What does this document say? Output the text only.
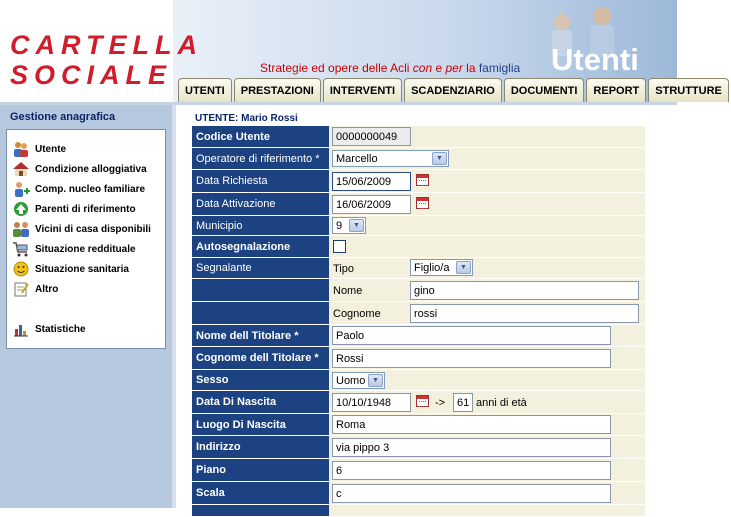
CARTELLA
SOCIALE	Strategie ed opere delle Acli con e per la famiglia Utenti
UTENTI	PRESTAZIONI	INTERVENTI	SCADENZIARIO	DOCUMENTI	REPORT	STRUTTURE
Gestione anagrafica
Utente
Condizione alloggiativa
Comp. nucleo familiare
Parenti di riferimento
Vicini di casa disponibili
Situazione reddituale
Situazione sanitaria
Altro
Statistiche
UTENTE: Mario Rossi
Codice Utente	0000000049
Operatore di riferimento *	Marcello	▼
Data Richiesta	15/06/2009
Data Attivazione	16/06/2009
Municipio	9	▼
Autosegnalazione
Segnalante	Tipo	Figlio/a	▼
Nome	gino
Cognome	rossi
Nome dell Titolare *	Paolo
Cognome dell Titolare *	Rossi
Sesso	Uomo ▼
Data Di Nascita	10/10/1948	->	61 anni di età
Luogo Di Nascita	Roma
Indirizzo	via pippo 3
Piano	6
Scala	c
